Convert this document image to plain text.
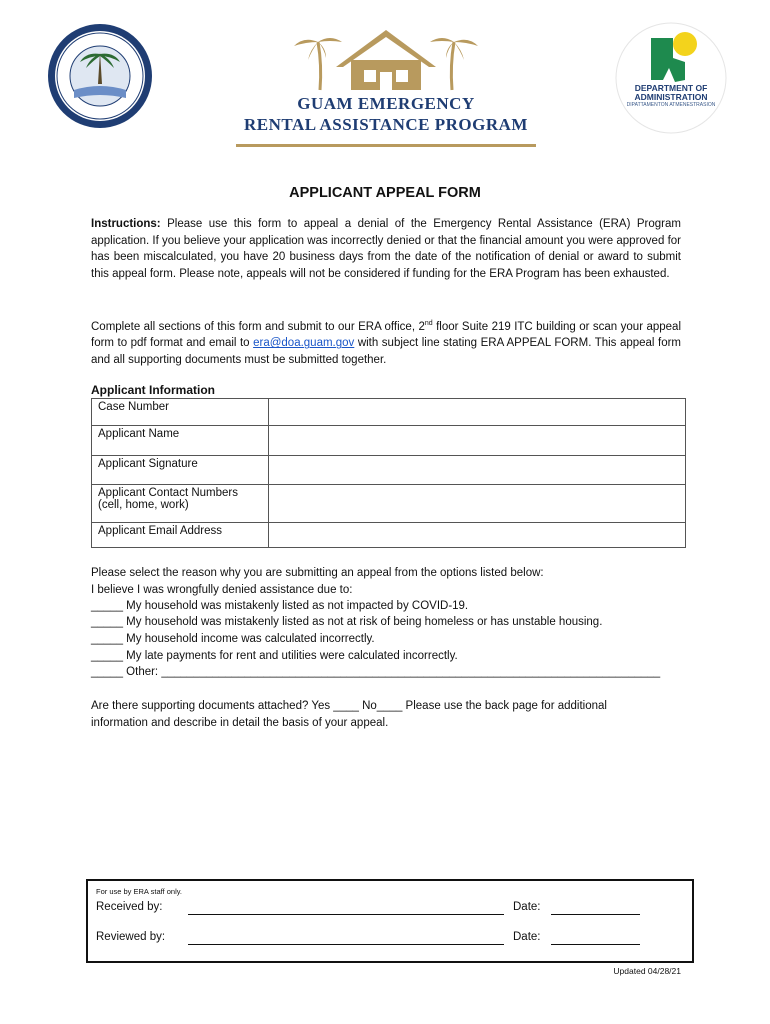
GUAM EMERGENCY
RENTAL ASSISTANCE PROGRAM
DEPARTMENT OF
ADMINISTRATION
DIPATTAMENTON ATMENESTRASION
APPLICANT APPEAL FORM
Instructions: Please use this form to appeal a denial of the Emergency Rental Assistance (ERA) Program application. If you believe your application was incorrectly denied or that the financial amount you were approved for has been miscalculated, you have 20 business days from the date of the notification of denial or award to submit this appeal form. Please note, appeals will not be considered if funding for the ERA Program has been exhausted.
Complete all sections of this form and submit to our ERA office, 2nd floor Suite 219 ITC building or scan your appeal form to pdf format and email to era@doa.guam.gov with subject line stating ERA APPEAL FORM. This appeal form and all supporting documents must be submitted together.
Applicant Information
Case Number	
Applicant Name	
Applicant Signature	
Applicant Contact Numbers (cell, home, work)	
Applicant Email Address	
Please select the reason why you are submitting an appeal from the options listed below:
I believe I was wrongfully denied assistance due to:
_____ My household was mistakenly listed as not impacted by COVID-19.
_____ My household was mistakenly listed as not at risk of being homeless or has unstable housing.
_____ My household income was calculated incorrectly.
_____ My late payments for rent and utilities were calculated incorrectly.
_____ Other: ______________________________________________________________________________
Are there supporting documents attached? Yes ____ No____ Please use the back page for additional
information and describe in detail the basis of your appeal.
For use by ERA staff only.
Received by:	Date:
Reviewed by:	Date:
Updated 04/28/21
